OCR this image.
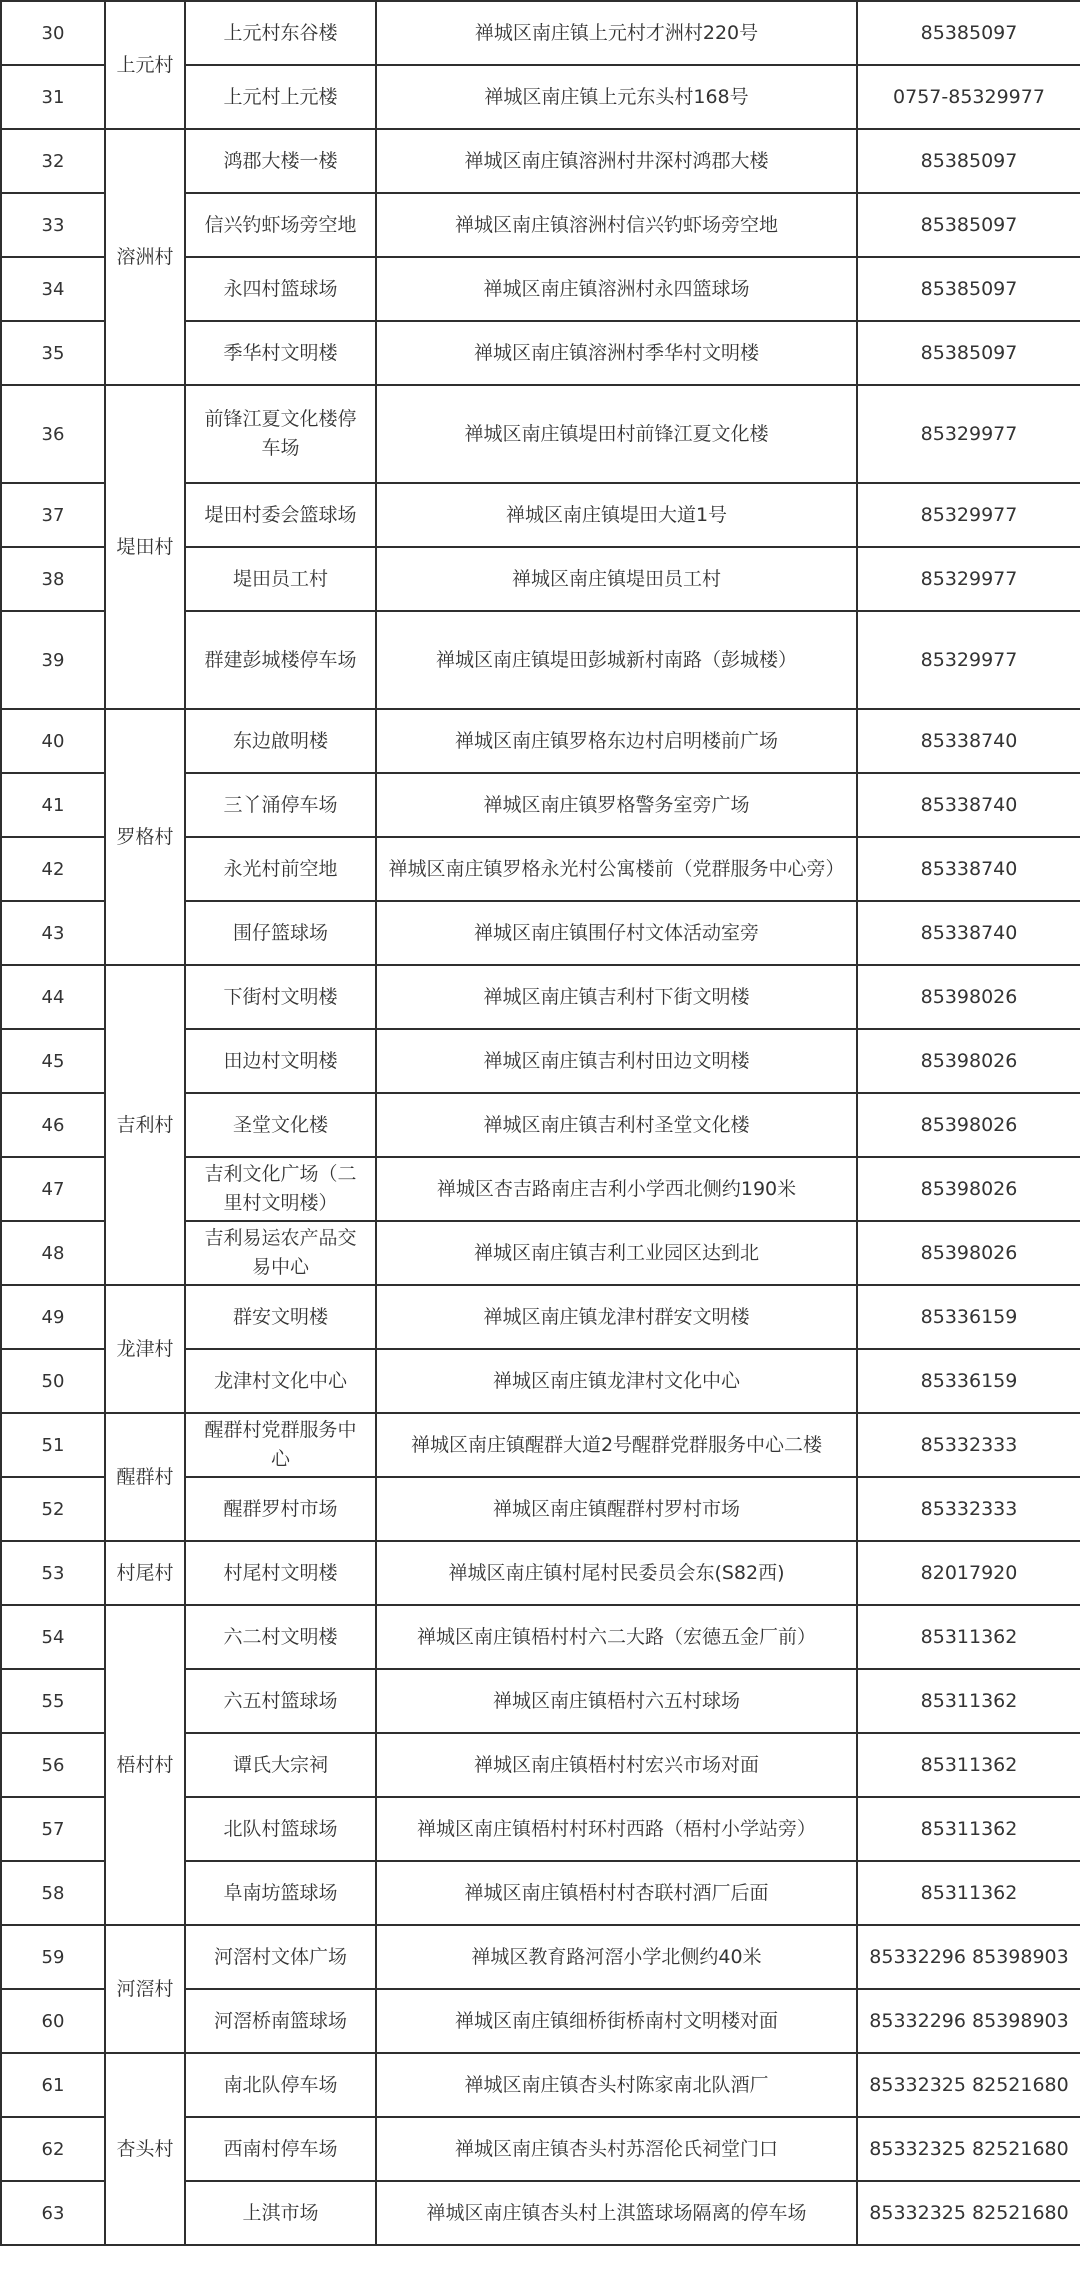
30	上元村	上元村东谷楼	禅城区南庄镇上元村才洲村220号	85385097
31		上元村上元楼	禅城区南庄镇上元东头村168号	0757-85329977
32	溶洲村	鸿郡大楼一楼	禅城区南庄镇溶洲村井深村鸿郡大楼	85385097
33		信兴钓虾场旁空地	禅城区南庄镇溶洲村信兴钓虾场旁空地	85385097
34		永四村篮球场	禅城区南庄镇溶洲村永四篮球场	85385097
35		季华村文明楼	禅城区南庄镇溶洲村季华村文明楼	85385097
36	堤田村	前锋江夏文化楼停车场	禅城区南庄镇堤田村前锋江夏文化楼	85329977
37		堤田村委会篮球场	禅城区南庄镇堤田大道1号	85329977
38		堤田员工村	禅城区南庄镇堤田员工村	85329977
39		群建彭城楼停车场	禅城区南庄镇堤田彭城新村南路（彭城楼）	85329977
40	罗格村	东边啟明楼	禅城区南庄镇罗格东边村启明楼前广场	85338740
41		三丫涌停车场	禅城区南庄镇罗格警务室旁广场	85338740
42		永光村前空地	禅城区南庄镇罗格永光村公寓楼前（党群服务中心旁）	85338740
43		围仔篮球场	禅城区南庄镇围仔村文体活动室旁	85338740
44	吉利村	下街村文明楼	禅城区南庄镇吉利村下街文明楼	85398026
45		田边村文明楼	禅城区南庄镇吉利村田边文明楼	85398026
46		圣堂文化楼	禅城区南庄镇吉利村圣堂文化楼	85398026
47		吉利文化广场（二里村文明楼）	禅城区杏吉路南庄吉利小学西北侧约190米	85398026
48		吉利易运农产品交易中心	禅城区南庄镇吉利工业园区达到北	85398026
49	龙津村	群安文明楼	禅城区南庄镇龙津村群安文明楼	85336159
50		龙津村文化中心	禅城区南庄镇龙津村文化中心	85336159
51	醒群村	醒群村党群服务中心	禅城区南庄镇醒群大道2号醒群党群服务中心二楼	85332333
52		醒群罗村市场	禅城区南庄镇醒群村罗村市场	85332333
53	村尾村	村尾村文明楼	禅城区南庄镇村尾村民委员会东(S82西)	82017920
54	梧村村	六二村文明楼	禅城区南庄镇梧村村六二大路（宏德五金厂前）	85311362
55		六五村篮球场	禅城区南庄镇梧村六五村球场	85311362
56		谭氏大宗祠	禅城区南庄镇梧村村宏兴市场对面	85311362
57		北队村篮球场	禅城区南庄镇梧村村环村西路（梧村小学站旁）	85311362
58		阜南坊篮球场	禅城区南庄镇梧村村杏联村酒厂后面	85311362
59	河滘村	河滘村文体广场	禅城区教育路河滘小学北侧约40米	85332296 85398903
60		河滘桥南篮球场	禅城区南庄镇细桥街桥南村文明楼对面	85332296 85398903
61	杏头村	南北队停车场	禅城区南庄镇杏头村陈家南北队酒厂	85332325 82521680
62		西南村停车场	禅城区南庄镇杏头村苏滘伦氏祠堂门口	85332325 82521680
63		上淇市场	禅城区南庄镇杏头村上淇篮球场隔离的停车场	85332325 82521680
